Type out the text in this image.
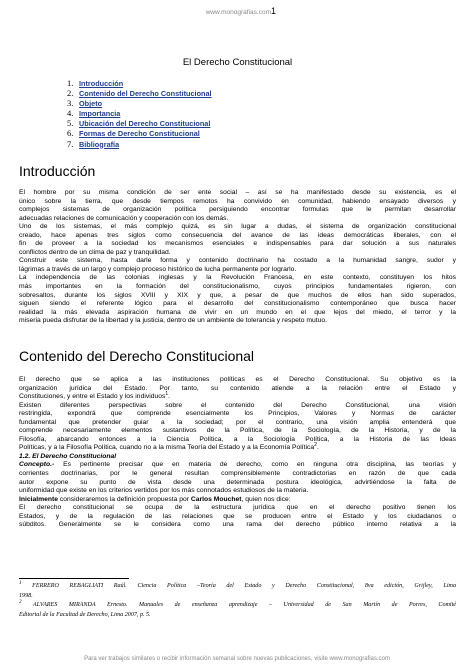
www.monografias.com1
El Derecho Constitucional
1. Introducción
2. Contenido del Derecho Constitucional
3. Objeto
4. Importancia
5. Ubicación del Derecho Constitucional
6. Formas de Derecho Constitucional
7. Bibliografía
Introducción

El hombre por su misma condición de ser ente social – así se ha manifestado desde su existencia, es el

único sobre la tierra, que desde tiempos remotos ha convivido en comunidad, habiendo ensayado diversos y

complejos sistemas de organización política persiguiendo encontrar formulas que le permitan desarrollar

adecuadas relaciones de comunicación y cooperación con los demás.

Uno de los sistemas, el más complejo quizá, es sin lugar a dudas, el sistema de organización constitucional

creado, hace apenas tres siglos como consecuencia del avance de las ideas democráticas liberales, con el

fin de proveer a la sociedad los mecanismos esenciales e indispensables para dar solución a sus naturales

conflictos dentro de un clima de paz y tranquilidad.

Construir este sistema, hasta darle forma y contenido doctrinario ha costado a la humanidad sangre, sudor y

lágrimas a través de un largo y complejo proceso histórico de lucha permanente por lograrlo.

La independencia de las colonias inglesas y la Revolución Francesa, en este contexto, constituyen los hitos

más importantes en la formación del constitucionalismo, cuyos principios fundamentales rigieron, con

sobresaltos, durante los siglos XVIII y XIX y que, a pesar de que muchos de ellos han sido superados,

siguen siendo el referente lógico para el desarrollo del constitucionalismo contemporáneo que busca hacer

realidad la más elevada aspiración humana de vivir en un mundo en el que lejos del miedo, el terror y la

miseria pueda disfrutar de la libertad y la justicia, dentro de un ambiente de tolerancia y respeto mutuo.

Contenido del Derecho Constitucional

El derecho que se aplica a las instituciones políticas es el Derecho Constitucional. Su objetivo es la

organización jurídica del Estado. Por tanto, su contenido atiende a la relación entre el Estado y

Constituciones, y entre el Estado y los individuos$^1$.

Existen diferentes perspectivas sobre el contenido del Derecho Constitucional, una visión

restringida, expondrá que comprende esencialmente los Principios, Valores y Normas de carácter

fundamental que pretender guiar a la sociedad; por el contrario, una visión amplia entenderá que

comprende necesariamente elementos sustantivos de la Política, de la Sociología, de la Historia, y de la

Filosofía, abarcando entonces a la Ciencia Política, a la Sociología Política, a la Historia de las Ideas

Políticas, y a la Filosofía Política, cuando no a la misma Teoría del Estado y a la Economía Política$^2$.

1.2. El Derecho Constitucional

Concepto.- Es pertinente precisar que en materia de derecho, como en ninguna otra disciplina, las teorías y

corrientes doctrinarias, por le general resultan comprensiblemente contradictorias en razón de que cada

autor expone su punto de vista desde una determinada postura ideológica, advirtiéndose la falta de

uniformidad que existe en los criterios vertidos por los más connotados estudiosos de la materia.

Inicialmente consideraremos la definición propuesta por Carlos Mouchet, quien nos dice:

El derecho constitucional se ocupa de la estructura jurídica que en el derecho positivo tienen los

Estados, y de la regulación de las relaciones que se producen entre el Estado y los ciudadanos o

súbditos. Generalmente se le considera como una rama del derecho público interno relativa a la

$^1$ FERRERO REBAGLIATI Raúl. Ciencia Política –Teoría del Estado y Derecho Constitucional, 8va edición, Grijley, Lima

1998.

$^2$ ALVARES MIRANDA Ernesto. Manuales de enseñanza aprendizaje – Universidad de San Martín de Porres, Comité

Editorial de la Facultad de Derecho, Lima 2007, p. 5.

Para ver trabajos similares o recibir información semanal sobre nuevas publicaciones, visite www.monografias.com
